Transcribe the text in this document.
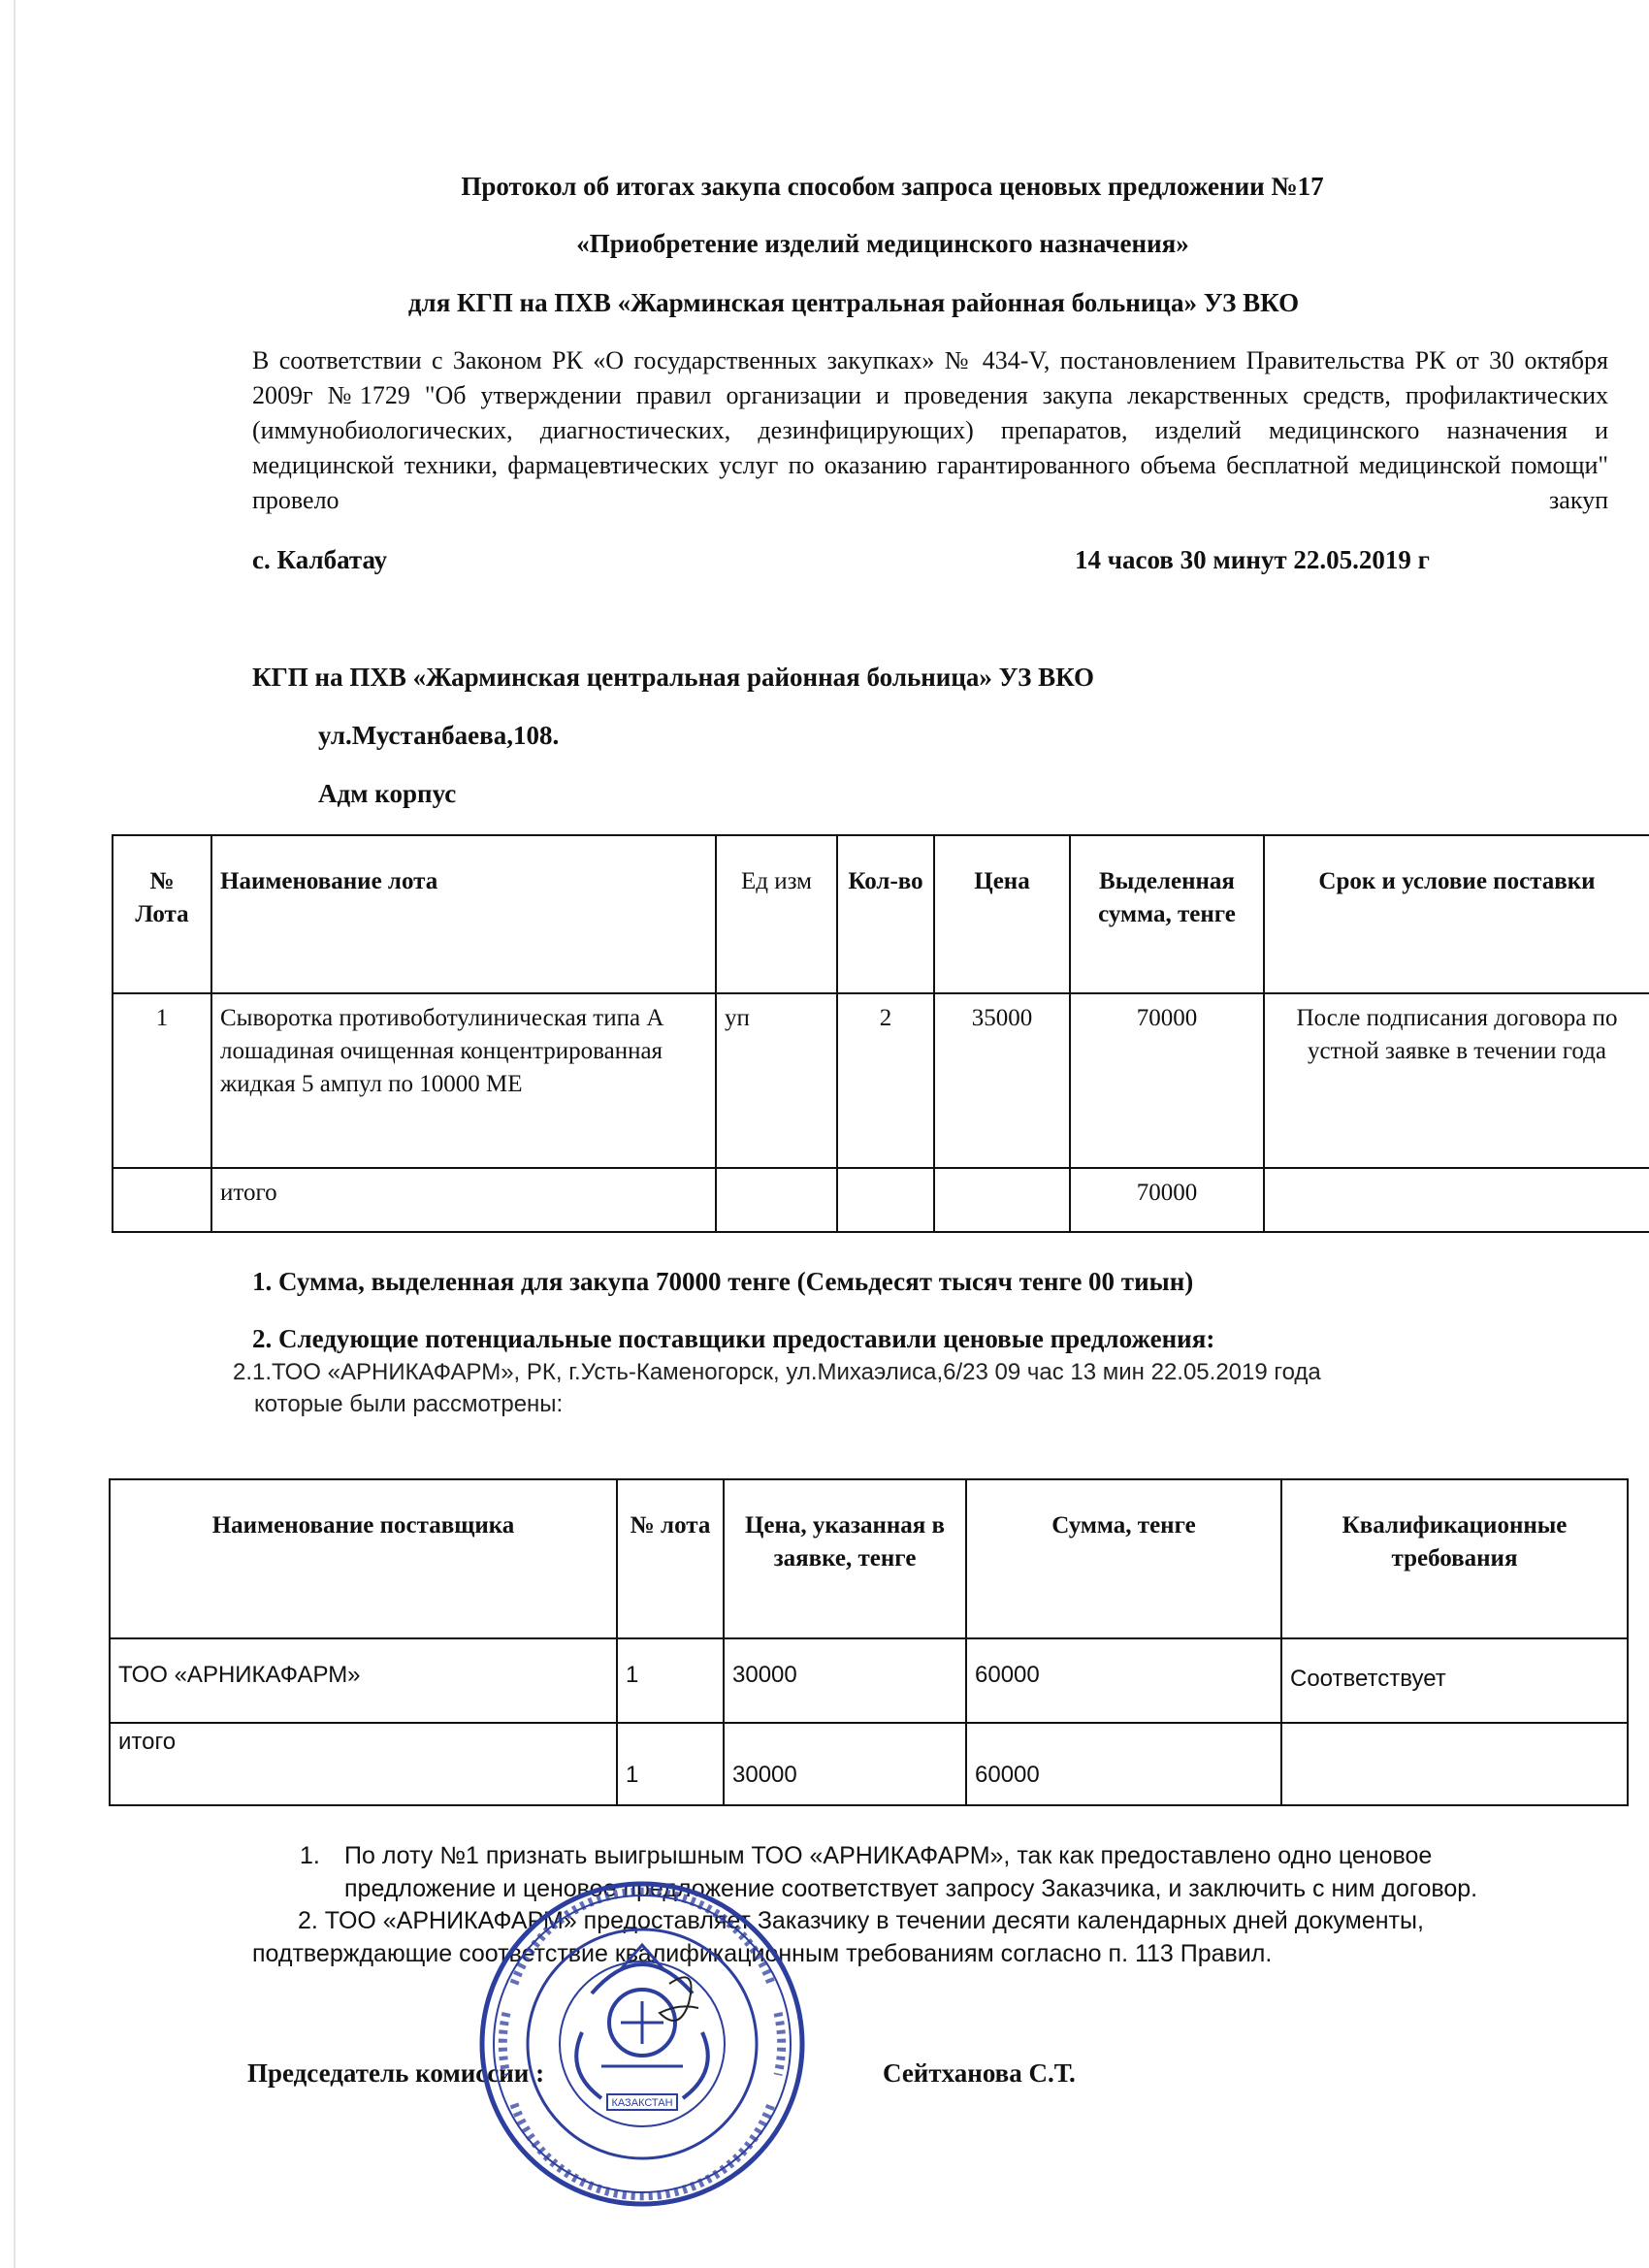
Протокол об итогах закупа способом запроса ценовых предложении №17
«Приобретение изделий медицинского назначения»
для КГП на ПХВ «Жарминская центральная районная больница» УЗ ВКО
В соответствии с Законом РК «О государственных закупках» № 434-V, постановлением Правительства РК от 30 октября 2009г №1729 "Об утверждении правил организации и проведения закупа лекарственных средств, профилактических (иммунобиологических, диагностических, дезинфицирующих) препаратов, изделий медицинского назначения и медицинской техники, фармацевтических услуг по оказанию гарантированного объема бесплатной медицинской помощи" провело закуп
с. Калбатау	14 часов 30 минут 22.05.2019 г
КГП на ПХВ «Жарминская центральная районная больница» УЗ ВКО
ул.Мустанбаева,108.
Адм корпус
№ Лота	Наименование лота	Ед изм	Кол-во	Цена	Выделенная сумма, тенге	Срок и условие поставки
1	Сыворотка противоботулиническая типа А лошадиная очищенная концентрированная жидкая 5 ампул по 10000 МЕ	уп	2	35000	70000	После подписания договора по устной заявке в течении года
	итого				70000	
1. Сумма, выделенная для закупа 70000 тенге (Семьдесят тысяч тенге 00 тиын)
2. Следующие потенциальные поставщики предоставили ценовые предложения:
2.1.ТОО «АРНИКАФАРМ», РК, г.Усть-Каменогорск, ул.Михаэлиса,6/23 09 час 13 мин 22.05.2019 года
которые были рассмотрены:
Наименование поставщика	№ лота	Цена, указанная в заявке, тенге	Сумма, тенге	Квалификационные требования
ТОО «АРНИКАФАРМ»	1	30000	60000	Соответствует
итого	1	30000	60000	
1. По лоту №1 признать выигрышным ТОО «АРНИКАФАРМ», так как предоставлено одно ценовое
предложение и ценовое предложение соответствует запросу Заказчика, и заключить с ним договор.
2. ТОО «АРНИКАФАРМ» предоставляет Заказчику в течении десяти календарных дней документы,
подтверждающие соответствие квалификационным требованиям согласно п. 113 Правил.
Председатель комиссии :	Сейтханова С.Т.
КАЗАКСТАН
